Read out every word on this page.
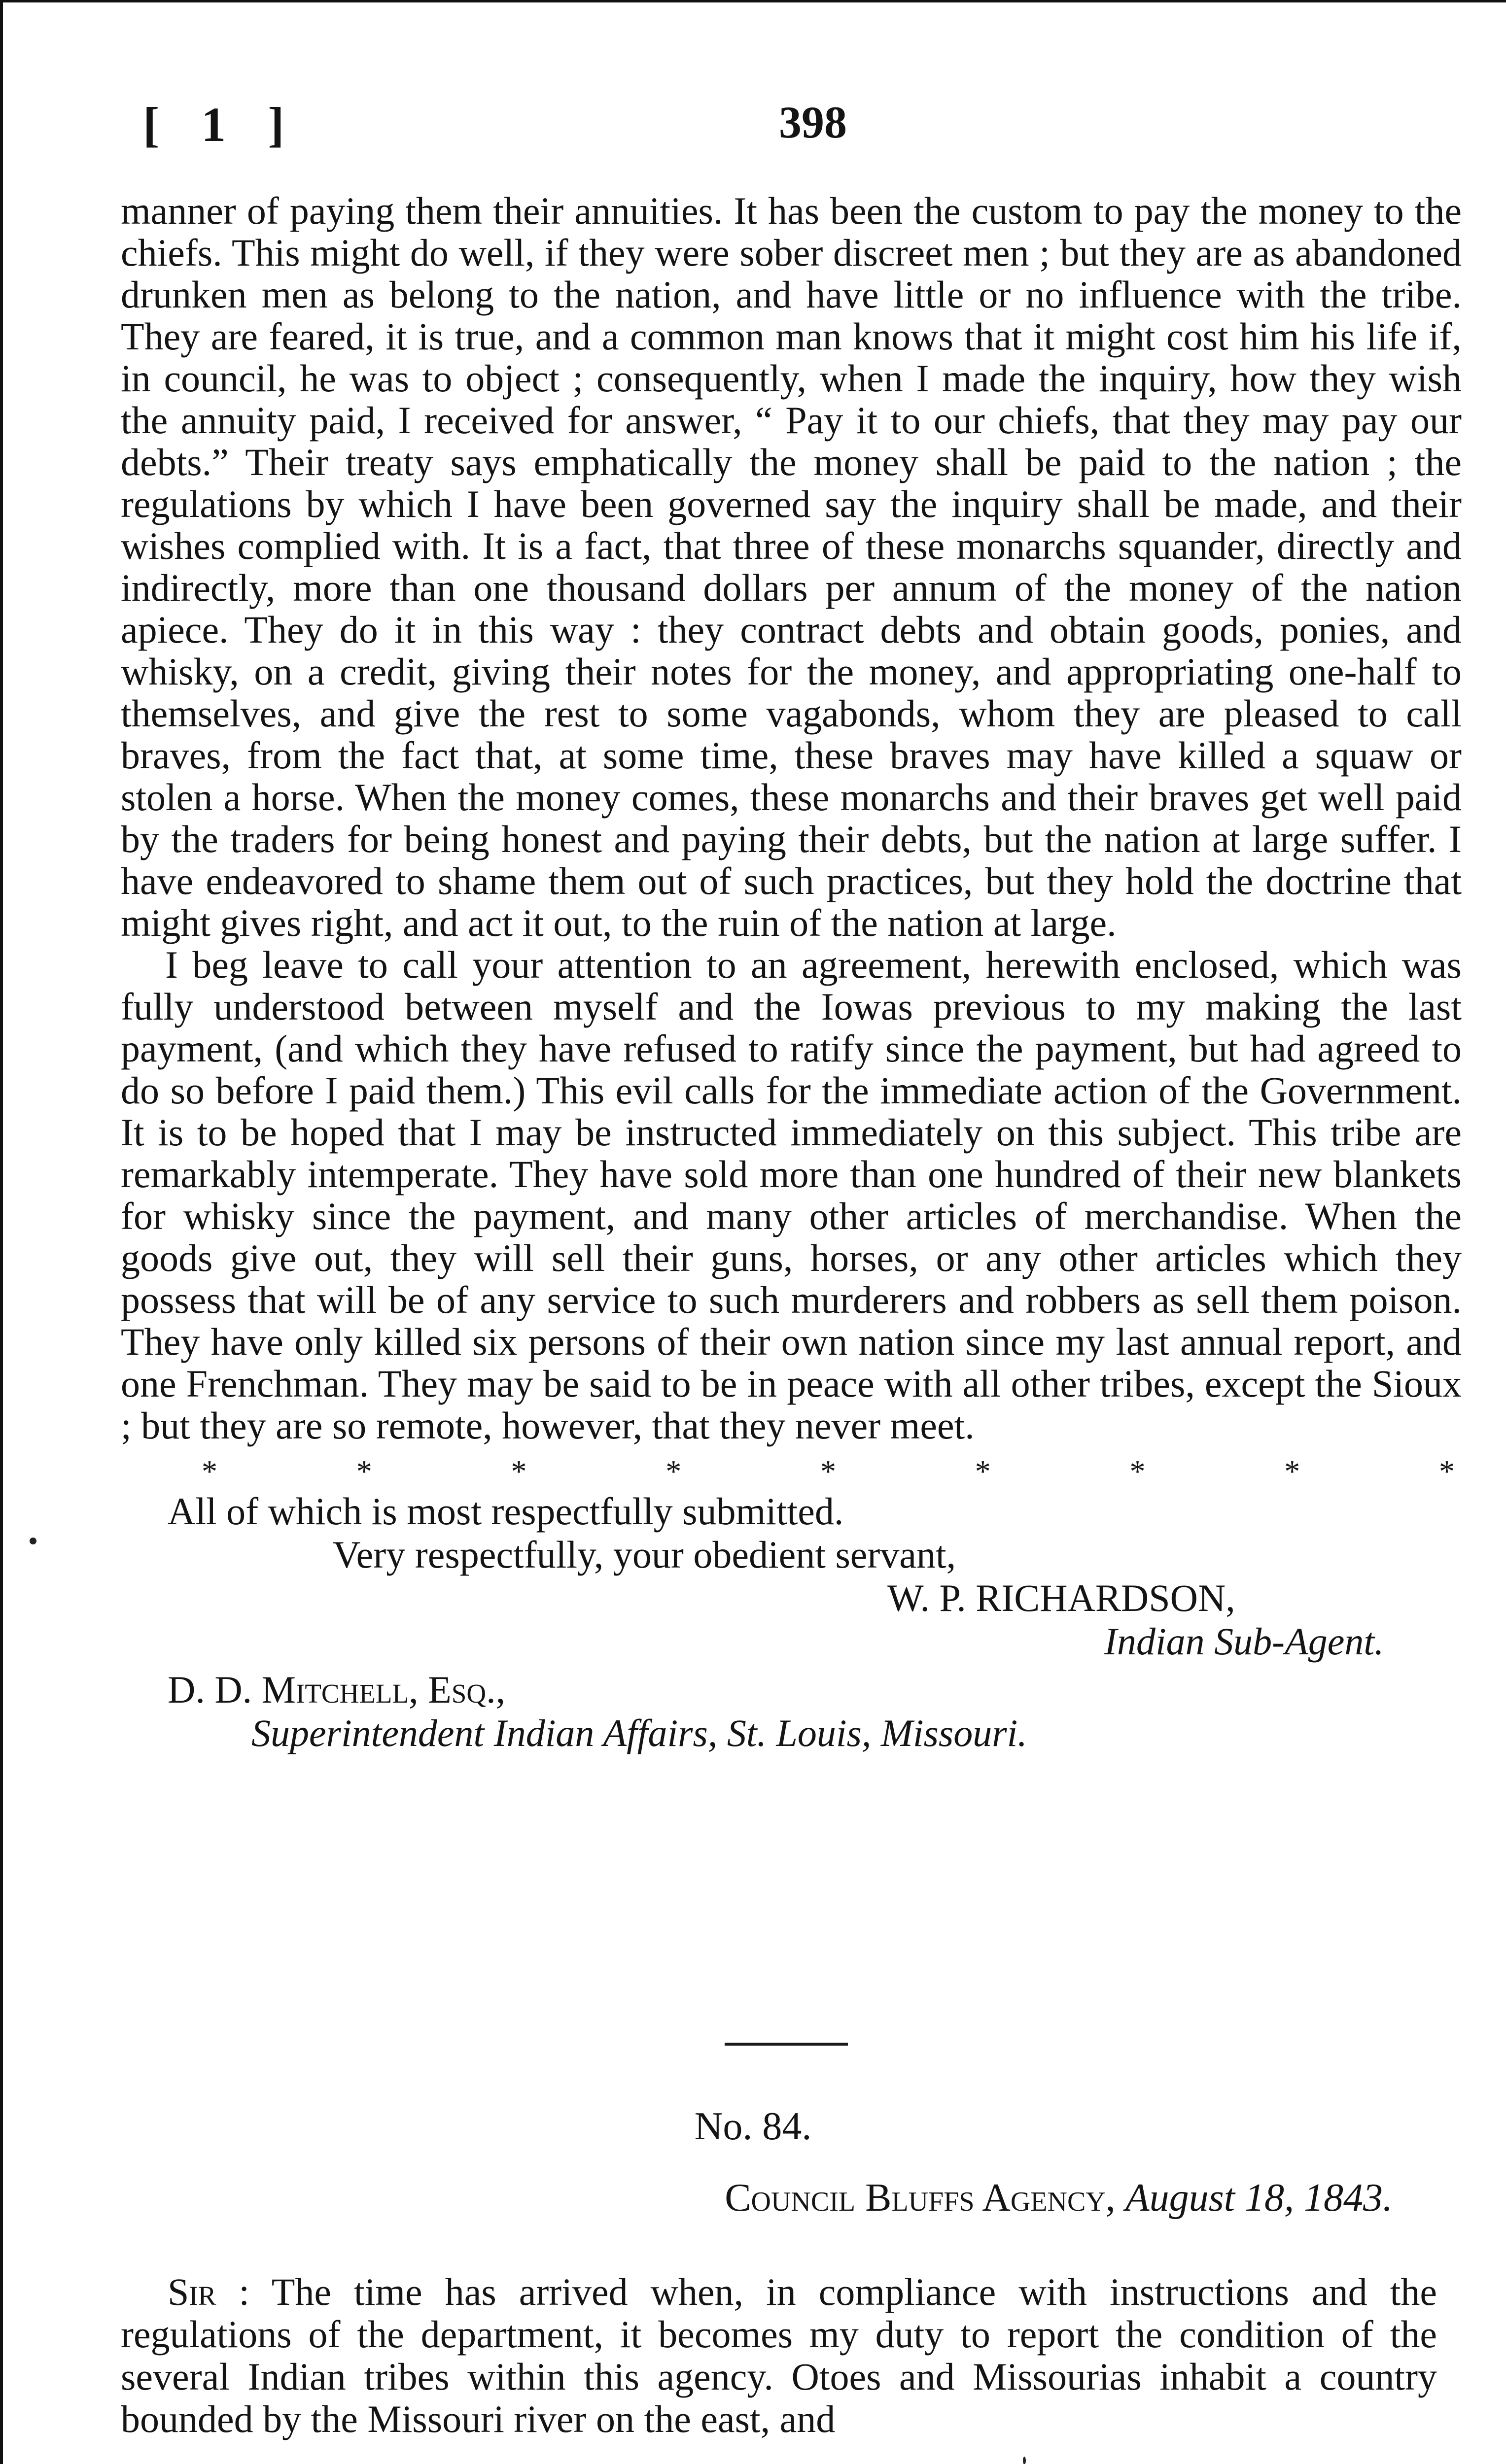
[ 1 ]	398

manner of paying them their annuities. It has been the custom to pay the money to the chiefs. This might do well, if they were sober discreet men ; but they are as abandoned drunken men as belong to the nation, and have little or no influence with the tribe. They are feared, it is true, and a common man knows that it might cost him his life if, in council, he was to object ; consequently, when I made the inquiry, how they wish the annuity paid, I received for answer, “ Pay it to our chiefs, that they may pay our debts.” Their treaty says emphatically the money shall be paid to the nation ; the regulations by which I have been governed say the inquiry shall be made, and their wishes complied with. It is a fact, that three of these monarchs squander, directly and indirectly, more than one thousand dollars per annum of the money of the nation apiece. They do it in this way : they contract debts and obtain goods, ponies, and whisky, on a credit, giving their notes for the money, and appropriating one-half to themselves, and give the rest to some vagabonds, whom they are pleased to call braves, from the fact that, at some time, these braves may have killed a squaw or stolen a horse. When the money comes, these monarchs and their braves get well paid by the traders for being honest and paying their debts, but the nation at large suffer. I have endeavored to shame them out of such practices, but they hold the doctrine that might gives right, and act it out, to the ruin of the nation at large.

I beg leave to call your attention to an agreement, herewith enclosed, which was fully understood between myself and the Iowas previous to my making the last payment, (and which they have refused to ratify since the payment, but had agreed to do so before I paid them.) This evil calls for the immediate action of the Government. It is to be hoped that I may be instructed immediately on this subject. This tribe are remarkably intemperate. They have sold more than one hundred of their new blankets for whisky since the payment, and many other articles of merchandise. When the goods give out, they will sell their guns, horses, or any other articles which they possess that will be of any service to such murderers and robbers as sell them poison. They have only killed six persons of their own nation since my last annual report, and one Frenchman. They may be said to be in peace with all other tribes, except the Sioux ; but they are so remote, however, that they never meet.

*	*	*	*	*	*	*	*	*
All of which is most respectfully submitted.
Very respectfully, your obedient servant,
W. P. RICHARDSON,
Indian Sub-Agent.
D. D. Mitchell, Esq.,
Superintendent Indian Affairs, St. Louis, Missouri.
No. 84.
Council Bluffs Agency, August 18, 1843.

Sir : The time has arrived when, in compliance with instructions and the regulations of the department, it becomes my duty to report the condition of the several Indian tribes within this agency. Otoes and Missourias inhabit a country bounded by the Missouri river on the east, and
